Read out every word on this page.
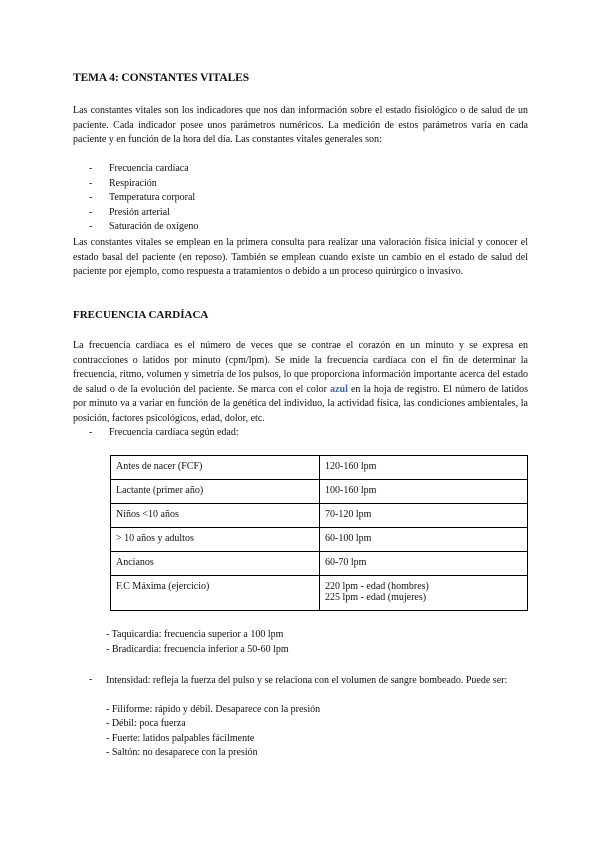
TEMA 4: CONSTANTES VITALES

Las constantes vitales son los indicadores que nos dan información sobre el estado fisiológico o de salud de un paciente. Cada indicador posee unos parámetros numéricos. La medición de estos parámetros varía en cada paciente y en función de la hora del día. Las constantes vitales generales son:

- Frecuencia cardíaca
- Respiración
- Temperatura corporal
- Presión arterial
- Saturación de oxígeno

Las constantes vitales se emplean en la primera consulta para realizar una valoración física inicial y conocer el estado basal del paciente (en reposo). También se emplean cuando existe un cambio en el estado de salud del paciente por ejemplo, como respuesta a tratamientos o debido a un proceso quirúrgico o invasivo.

FRECUENCIA CARDÍACA

La frecuencia cardíaca es el número de veces que se contrae el corazón en un minuto y se expresa en contracciones o latidos por minuto (cpm/lpm). Se mide la frecuencia cardíaca con el fin de determinar la frecuencia, ritmo, volumen y simetría de los pulsos, lo que proporciona información importante acerca del estado de salud o de la evolución del paciente. Se marca con el color azul en la hoja de registro. El número de latidos por minuto va a variar en función de la genética del individuo, la actividad física, las condiciones ambientales, la posición, factores psicológicos, edad, dolor, etc.

- Frecuencia cardíaca según edad:
Antes de nacer (FCF)	120-160 lpm
Lactante (primer año)	100-160 lpm
Niños <10 años	70-120 lpm
> 10 años y adultos	60-100 lpm
Ancianos	60-70 lpm
F.C Máxima (ejercicio)	220 lpm - edad (hombres)
225 lpm - edad (mujeres)

- Taquicardia: frecuencia superior a 100 lpm

- Bradicardia: frecuencia inferior a 50-60 lpm

- Intensidad: refleja la fuerza del pulso y se relaciona con el volumen de sangre bombeado. Puede ser:

- Filiforme: rápido y débil. Desaparece con la presión

- Débil: poca fuerza

- Fuerte: latidos palpables fácilmente

- Saltón: no desaparece con la presión
